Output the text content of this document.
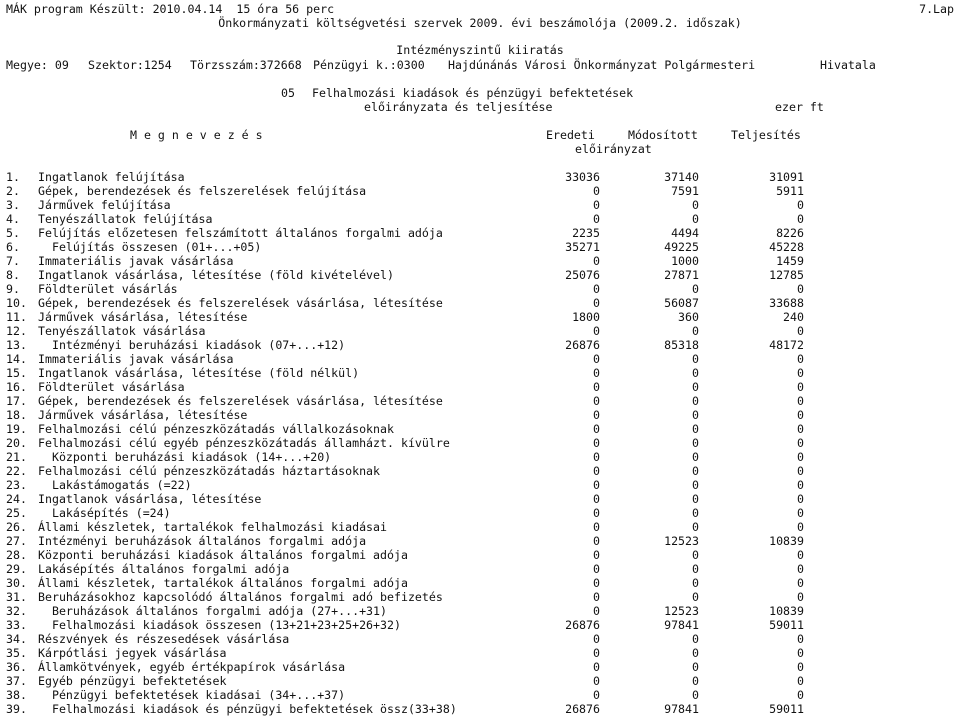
MÁK program Készült: 2010.04.14  15 óra 56 perc	7.Lap
Önkormányzati költségvetési szervek 2009. évi beszámolója (2009.2. időszak)
Intézményszintű kiiratás
Megye: 09 Szektor:1254 Törzsszám:372668 Pénzügyi k.:0300 Hajdúnánás Városi Önkormányzat Polgármesteri	Hivatala
05 Felhalmozási kiadások és pénzügyi befektetések
előirányzata és teljesítése	ezer ft
M e g n e v e z é s	Eredeti	Módosított	Teljesítés
előirányzat
1.	Ingatlanok felújítása	33036	37140	31091
2.	Gépek, berendezések és felszerelések felújítása	0	7591	5911
3.	Járművek felújítása	0	0	0
4.	Tenyészállatok felújítása	0	0	0
5.	Felújítás előzetesen felszámított általános forgalmi adója	2235	4494	8226
6.	Felújítás összesen (01+...+05)	35271	49225	45228
7.	Immateriális javak vásárlása	0	1000	1459
8.	Ingatlanok vásárlása, létesítése (föld kivételével)	25076	27871	12785
9.	Földterület vásárlás	0	0	0
10. Gépek, berendezések és felszerelések vásárlása, létesítése	0	56087	33688
11. Járművek vásárlása, létesítése	1800	360	240
12. Tenyészállatok vásárlása	0	0	0
13. Intézményi beruházási kiadások (07+...+12)	26876	85318	48172
14. Immateriális javak vásárlása	0	0	0
15. Ingatlanok vásárlása, létesítése (föld nélkül)	0	0	0
16. Földterület vásárlása	0	0	0
17. Gépek, berendezések és felszerelések vásárlása, létesítése	0	0	0
18. Járművek vásárlása, létesítése	0	0	0
19. Felhalmozási célú pénzeszközátadás vállalkozásoknak	0	0	0
20. Felhalmozási célú egyéb pénzeszközátadás államházt. kívülre	0	0	0
21. Központi beruházási kiadások (14+...+20)	0	0	0
22. Felhalmozási célú pénzeszközátadás háztartásoknak	0	0	0
23. Lakástámogatás (=22)	0	0	0
24. Ingatlanok vásárlása, létesítése	0	0	0
25. Lakásépítés (=24)	0	0	0
26. Állami készletek, tartalékok felhalmozási kiadásai	0	0	0
27. Intézményi beruházások általános forgalmi adója	0	12523	10839
28. Központi beruházási kiadások általános forgalmi adója	0	0	0
29. Lakásépítés általános forgalmi adója	0	0	0
30. Állami készletek, tartalékok általános forgalmi adója	0	0	0
31. Beruházásokhoz kapcsolódó általános forgalmi adó befizetés	0	0	0
32. Beruházások általános forgalmi adója (27+...+31)	0	12523	10839
33. Felhalmozási kiadások összesen (13+21+23+25+26+32)	26876	97841	59011
34. Részvények és részesedések vásárlása	0	0	0
35. Kárpótlási jegyek vásárlása	0	0	0
36. Államkötvények, egyéb értékpapírok vásárlása	0	0	0
37. Egyéb pénzügyi befektetések	0	0	0
38. Pénzügyi befektetések kiadásai (34+...+37)	0	0	0
39. Felhalmozási kiadások és pénzügyi befektetések össz(33+38)	26876	97841	59011
